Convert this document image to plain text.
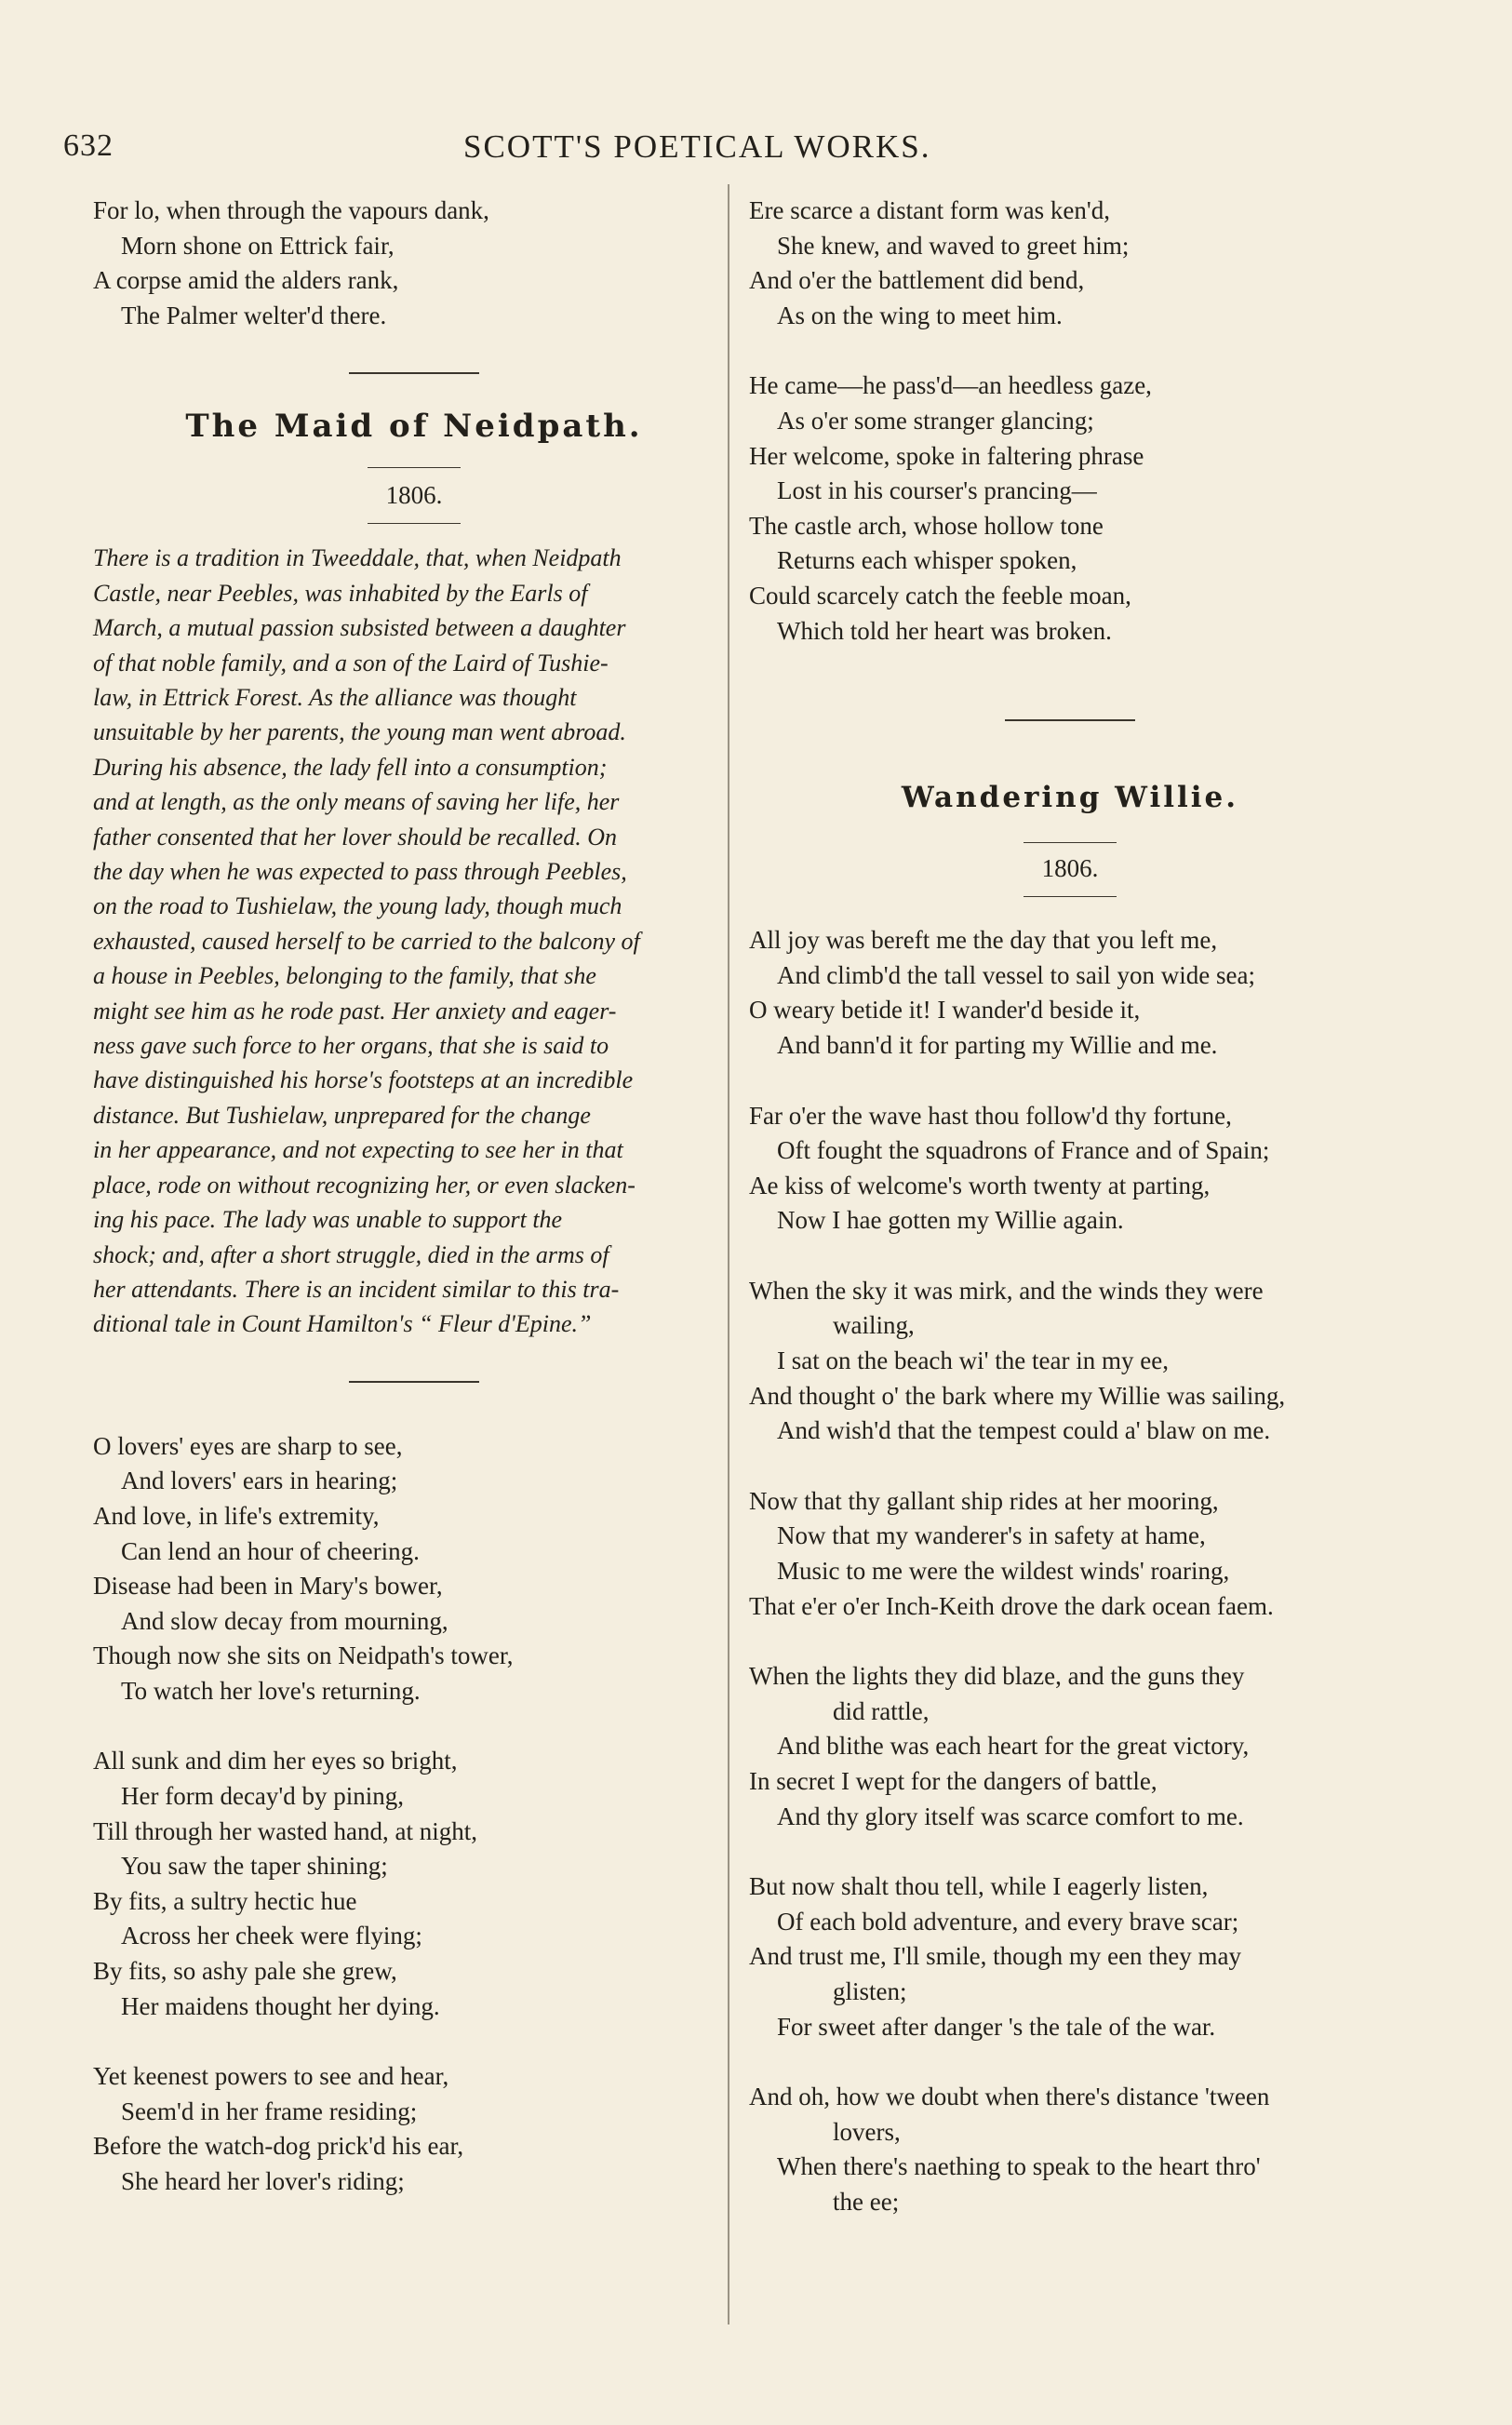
632	SCOTT'S POETICAL WORKS.
For lo, when through the vapours dank,
Morn shone on Ettrick fair,
A corpse amid the alders rank,
The Palmer welter'd there.
The Maid of Neidpath.
1806.
There is a tradition in Tweeddale, that, when Neidpath
Castle, near Peebles, was inhabited by the Earls of
March, a mutual passion subsisted between a daughter
of that noble family, and a son of the Laird of Tushie-
law, in Ettrick Forest. As the alliance was thought
unsuitable by her parents, the young man went abroad.
During his absence, the lady fell into a consumption;
and at length, as the only means of saving her life, her
father consented that her lover should be recalled. On
the day when he was expected to pass through Peebles,
on the road to Tushielaw, the young lady, though much
exhausted, caused herself to be carried to the balcony of
a house in Peebles, belonging to the family, that she
might see him as he rode past. Her anxiety and eager-
ness gave such force to her organs, that she is said to
have distinguished his horse's footsteps at an incredible
distance. But Tushielaw, unprepared for the change
in her appearance, and not expecting to see her in that
place, rode on without recognizing her, or even slacken-
ing his pace. The lady was unable to support the
shock; and, after a short struggle, died in the arms of
her attendants. There is an incident similar to this tra-
ditional tale in Count Hamilton's “ Fleur d'Epine.”
O lovers' eyes are sharp to see,
And lovers' ears in hearing;
And love, in life's extremity,
Can lend an hour of cheering.
Disease had been in Mary's bower,
And slow decay from mourning,
Though now she sits on Neidpath's tower,
To watch her love's returning.
All sunk and dim her eyes so bright,
Her form decay'd by pining,
Till through her wasted hand, at night,
You saw the taper shining;
By fits, a sultry hectic hue
Across her cheek were flying;
By fits, so ashy pale she grew,
Her maidens thought her dying.
Yet keenest powers to see and hear,
Seem'd in her frame residing;
Before the watch-dog prick'd his ear,
She heard her lover's riding;
Ere scarce a distant form was ken'd,
She knew, and waved to greet him;
And o'er the battlement did bend,
As on the wing to meet him.
He came—he pass'd—an heedless gaze,
As o'er some stranger glancing;
Her welcome, spoke in faltering phrase
Lost in his courser's prancing—
The castle arch, whose hollow tone
Returns each whisper spoken,
Could scarcely catch the feeble moan,
Which told her heart was broken.
Wandering Willie.
1806.
All joy was bereft me the day that you left me,
And climb'd the tall vessel to sail yon wide sea;
O weary betide it! I wander'd beside it,
And bann'd it for parting my Willie and me.
Far o'er the wave hast thou follow'd thy fortune,
Oft fought the squadrons of France and of Spain;
Ae kiss of welcome's worth twenty at parting,
Now I hae gotten my Willie again.
When the sky it was mirk, and the winds they were
wailing,
I sat on the beach wi' the tear in my ee,
And thought o' the bark where my Willie was sailing,
And wish'd that the tempest could a' blaw on me.
Now that thy gallant ship rides at her mooring,
Now that my wanderer's in safety at hame,
Music to me were the wildest winds' roaring,
That e'er o'er Inch-Keith drove the dark ocean faem.
When the lights they did blaze, and the guns they
did rattle,
And blithe was each heart for the great victory,
In secret I wept for the dangers of battle,
And thy glory itself was scarce comfort to me.
But now shalt thou tell, while I eagerly listen,
Of each bold adventure, and every brave scar;
And trust me, I'll smile, though my een they may
glisten;
For sweet after danger 's the tale of the war.
And oh, how we doubt when there's distance 'tween
lovers,
When there's naething to speak to the heart thro'
the ee;
